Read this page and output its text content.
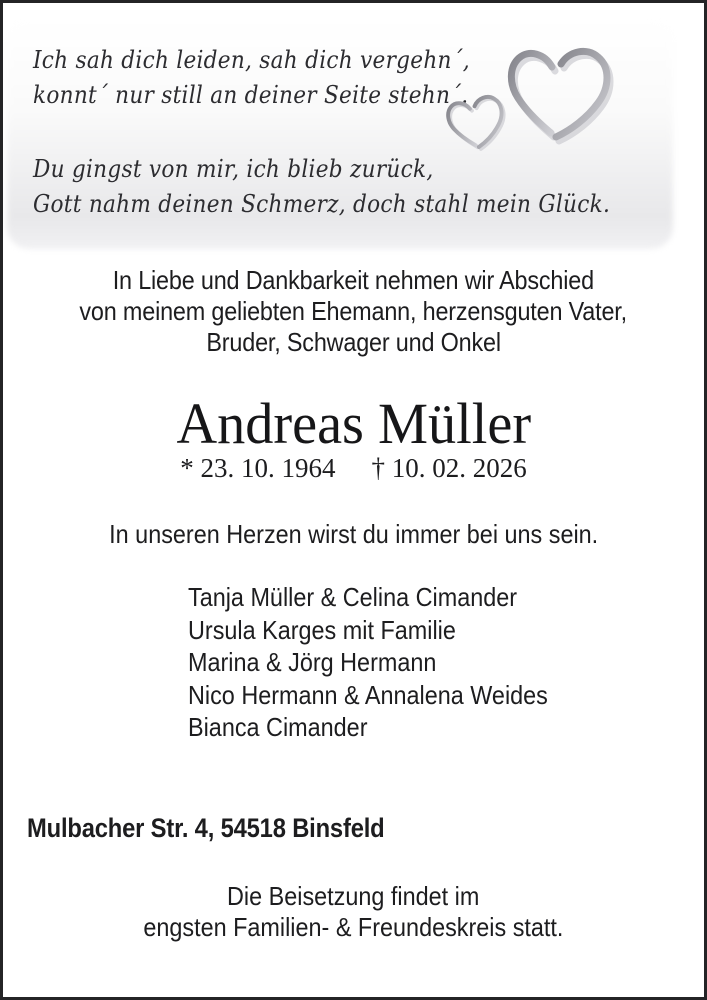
Ich sah dich leiden, sah dich vergehn´,
konnt´ nur still an deiner Seite stehn´.
Du gingst von mir, ich blieb zurück,
Gott nahm deinen Schmerz, doch stahl mein Glück.
In Liebe und Dankbarkeit nehmen wir Abschied
von meinem geliebten Ehemann, herzensguten Vater,
Bruder, Schwager und Onkel
Andreas Müller
* 23. 10. 1964 † 10. 02. 2026
In unseren Herzen wirst du immer bei uns sein.
Tanja Müller & Celina Cimander
Ursula Karges mit Familie
Marina & Jörg Hermann
Nico Hermann & Annalena Weides
Bianca Cimander
Mulbacher Str. 4, 54518 Binsfeld
Die Beisetzung findet im
engsten Familien- & Freundeskreis statt.
